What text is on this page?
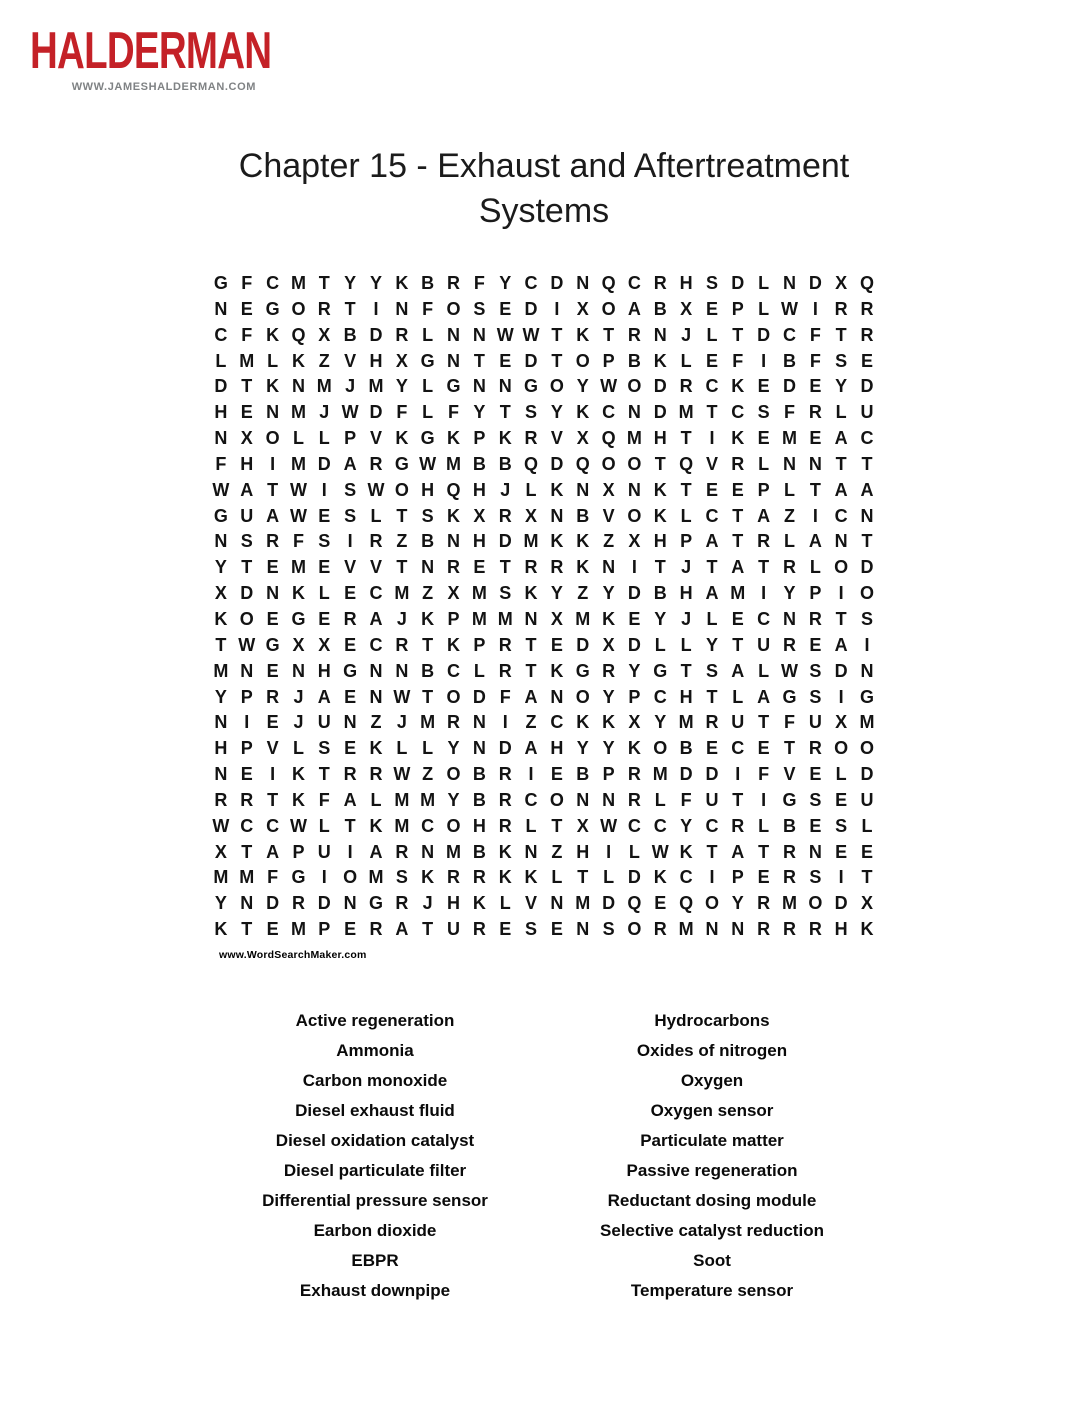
HALDERMAN
WWW.JAMESHALDERMAN.COM
Chapter 15 - Exhaust and Aftertreatment
Systems
G F C M T Y Y K B R F Y C D N Q C R H S D L N D X Q
N E G O R T I N F O S E D I X O A B X E P L W I R R
C F K Q X B D R L N N W W T K T R N J L T D C F T R
L M L K Z V H X G N T E D T O P B K L E F I B F S E
D T K N M J M Y L G N N G O Y W O D R C K E D E Y D
H E N M J W D F L F Y T S Y K C N D M T C S F R L U
N X O L L P V K G K P K R V X Q M H T I K E M E A C
F H I M D A R G W M B B Q D Q O O T Q V R L N N T T
W A T W I S W O H Q H J L K N X N K T E E P L T A A
G U A W E S L T S K X R X N B V O K L C T A Z I C N
N S R F S I R Z B N H D M K K Z X H P A T R L A N T
Y T E M E V V T N R E T R R K N I T J T A T R L O D
X D N K L E C M Z X M S K Y Z Y D B H A M I Y P I O
K O E G E R A J K P M M N X M K E Y J L E C N R T S
T W G X X E C R T K P R T E D X D L L Y T U R E A I
M N E N H G N N B C L R T K G R Y G T S A L W S D N
Y P R J A E N W T O D F A N O Y P C H T L A G S I G
N I E J U N Z J M R N I Z C K K X Y M R U T F U X M
H P V L S E K L L Y N D A H Y Y K O B E C E T R O O
N E I K T R R W Z O B R I E B P R M D D I F V E L D
R R T K F A L M M Y B R C O N N R L F U T I G S E U
W C C W L T K M C O H R L T X W C C Y C R L B E S L
X T A P U I A R N M B K N Z H I L W K T A T R N E E
M M F G I O M S K R R K K L T L D K C I P E R S I T
Y N D R D N G R J H K L V N M D Q E Q O Y R M O D X
K T E M P E R A T U R E S E N S O R M N N R R R H K
www.WordSearchMaker.com
Active regeneration
Ammonia
Carbon monoxide
Diesel exhaust fluid
Diesel oxidation catalyst
Diesel particulate filter
Differential pressure sensor
Earbon dioxide
EBPR
Exhaust downpipe
Hydrocarbons
Oxides of nitrogen
Oxygen
Oxygen sensor
Particulate matter
Passive regeneration
Reductant dosing module
Selective catalyst reduction
Soot
Temperature sensor
